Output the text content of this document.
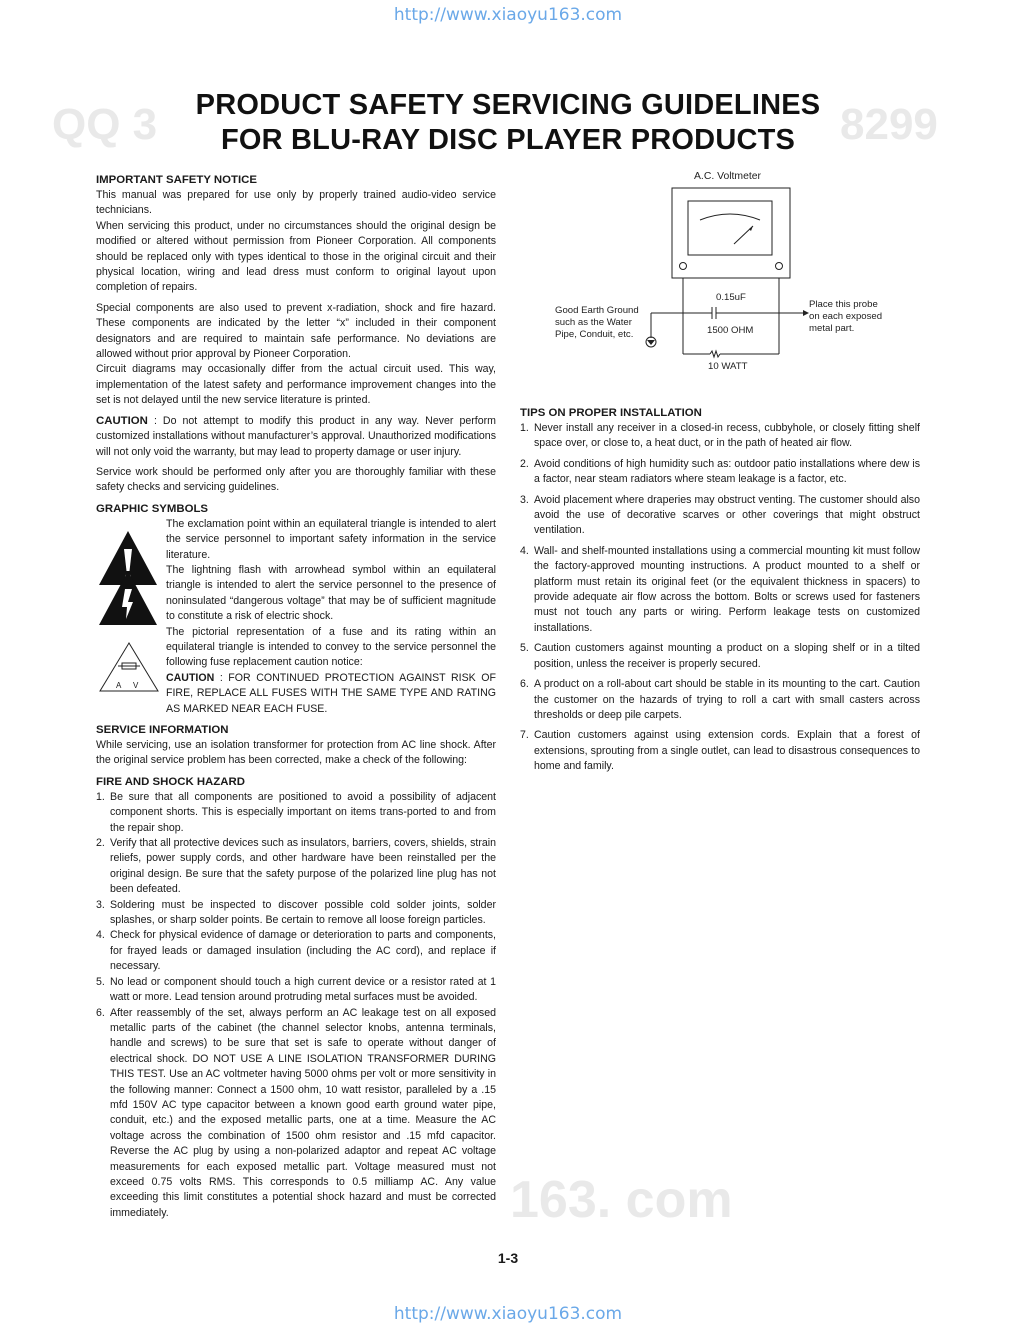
QQ 3	8299
163. com
http://www.xiaoyu163.com
PRODUCT SAFETY SERVICING GUIDELINES
FOR BLU-RAY DISC PLAYER PRODUCTS
IMPORTANT SAFETY NOTICE

This manual was prepared for use only by properly trained audio-video service technicians.

When servicing this product, under no circumstances should the original design be modified or altered without permission from Pioneer Corporation. All components should be replaced only with types identical to those in the original circuit and their physical location, wiring and lead dress must conform to original layout upon completion of repairs.

Special components are also used to prevent x-radiation, shock and fire hazard. These components are indicated by the letter “x” included in their component designators and are required to maintain safe performance. No deviations are allowed without prior approval by Pioneer Corporation.

Circuit diagrams may occasionally differ from the actual circuit used. This way, implementation of the latest safety and performance improvement changes into the set is not delayed until the new service literature is printed.

CAUTION : Do not attempt to modify this product in any way. Never perform customized installations without manufacturer’s approval. Unauthorized modifications will not only void the warranty, but may lead to property damage or user injury.

Service work should be performed only after you are thoroughly familiar with these safety checks and servicing guidelines.

GRAPHIC SYMBOLS
The exclamation point within an equilateral triangle is intended to alert the service personnel to important safety information in the service literature.
The lightning flash with arrowhead symbol within an equilateral triangle is intended to alert the service personnel to the presence of noninsulated “dangerous voltage” that may be of sufficient magnitude to constitute a risk of electric shock.
A V

The pictorial representation of a fuse and its rating within an equilateral triangle is intended to convey to the service personnel the following fuse replacement caution notice:

CAUTION : FOR CONTINUED PROTECTION AGAINST RISK OF FIRE, REPLACE ALL FUSES WITH THE SAME TYPE AND RATING AS MARKED NEAR EACH FUSE.

SERVICE INFORMATION

While servicing, use an isolation transformer for protection from AC line shock. After the original service problem has been corrected, make a check of the following:

FIRE AND SHOCK HAZARD
1. Be sure that all components are positioned to avoid a possibility of adjacent component shorts. This is especially important on items trans-ported to and from the repair shop.
2. Verify that all protective devices such as insulators, barriers, covers, shields, strain reliefs, power supply cords, and other hardware have been reinstalled per the original design. Be sure that the safety purpose of the polarized line plug has not been defeated.
3. Soldering must be inspected to discover possible cold solder joints, solder splashes, or sharp solder points. Be certain to remove all loose foreign particles.
4. Check for physical evidence of damage or deterioration to parts and components, for frayed leads or damaged insulation (including the AC cord), and replace if necessary.
5. No lead or component should touch a high current device or a resistor rated at 1 watt or more. Lead tension around protruding metal surfaces must be avoided.
6. After reassembly of the set, always perform an AC leakage test on all exposed metallic parts of the cabinet (the channel selector knobs, antenna terminals, handle and screws) to be sure that set is safe to operate without danger of electrical shock. DO NOT USE A LINE ISOLATION TRANSFORMER DURING THIS TEST. Use an AC voltmeter having 5000 ohms per volt or more sensitivity in the following manner: Connect a 1500 ohm, 10 watt resistor, paralleled by a .15 mfd 150V AC type capacitor between a known good earth ground water pipe, conduit, etc.) and the exposed metallic parts, one at a time. Measure the AC voltage across the combination of 1500 ohm resistor and .15 mfd capacitor. Reverse the AC plug by using a non-polarized adaptor and repeat AC voltage measurements for each exposed metallic part. Voltage measured must not exceed 0.75 volts RMS. This corresponds to 0.5 milliamp AC. Any value exceeding this limit constitutes a potential shock hazard and must be corrected immediately.
A.C. Voltmeter
0.15uF
1500 OHM
10 WATT
Good Earth Ground such as the Water Pipe, Conduit, etc.
Place this probe on each exposed metal part.
TIPS ON PROPER INSTALLATION
1. Never install any receiver in a closed-in recess, cubbyhole, or closely fitting shelf space over, or close to, a heat duct, or in the path of heated air flow.
2. Avoid conditions of high humidity such as: outdoor patio installations where dew is a factor, near steam radiators where steam leakage is a factor, etc.
3. Avoid placement where draperies may obstruct venting. The customer should also avoid the use of decorative scarves or other coverings that might obstruct ventilation.
4. Wall- and shelf-mounted installations using a commercial mounting kit must follow the factory-approved mounting instructions. A product mounted to a shelf or platform must retain its original feet (or the equivalent thickness in spacers) to provide adequate air flow across the bottom. Bolts or screws used for fasteners must not touch any parts or wiring. Perform leakage tests on customized installations.
5. Caution customers against mounting a product on a sloping shelf or in a tilted position, unless the receiver is properly secured.
6. A product on a roll-about cart should be stable in its mounting to the cart. Caution the customer on the hazards of trying to roll a cart with small casters across thresholds or deep pile carpets.
7. Caution customers against using extension cords. Explain that a forest of extensions, sprouting from a single outlet, can lead to disastrous consequences to home and family.
1-3
http://www.xiaoyu163.com
